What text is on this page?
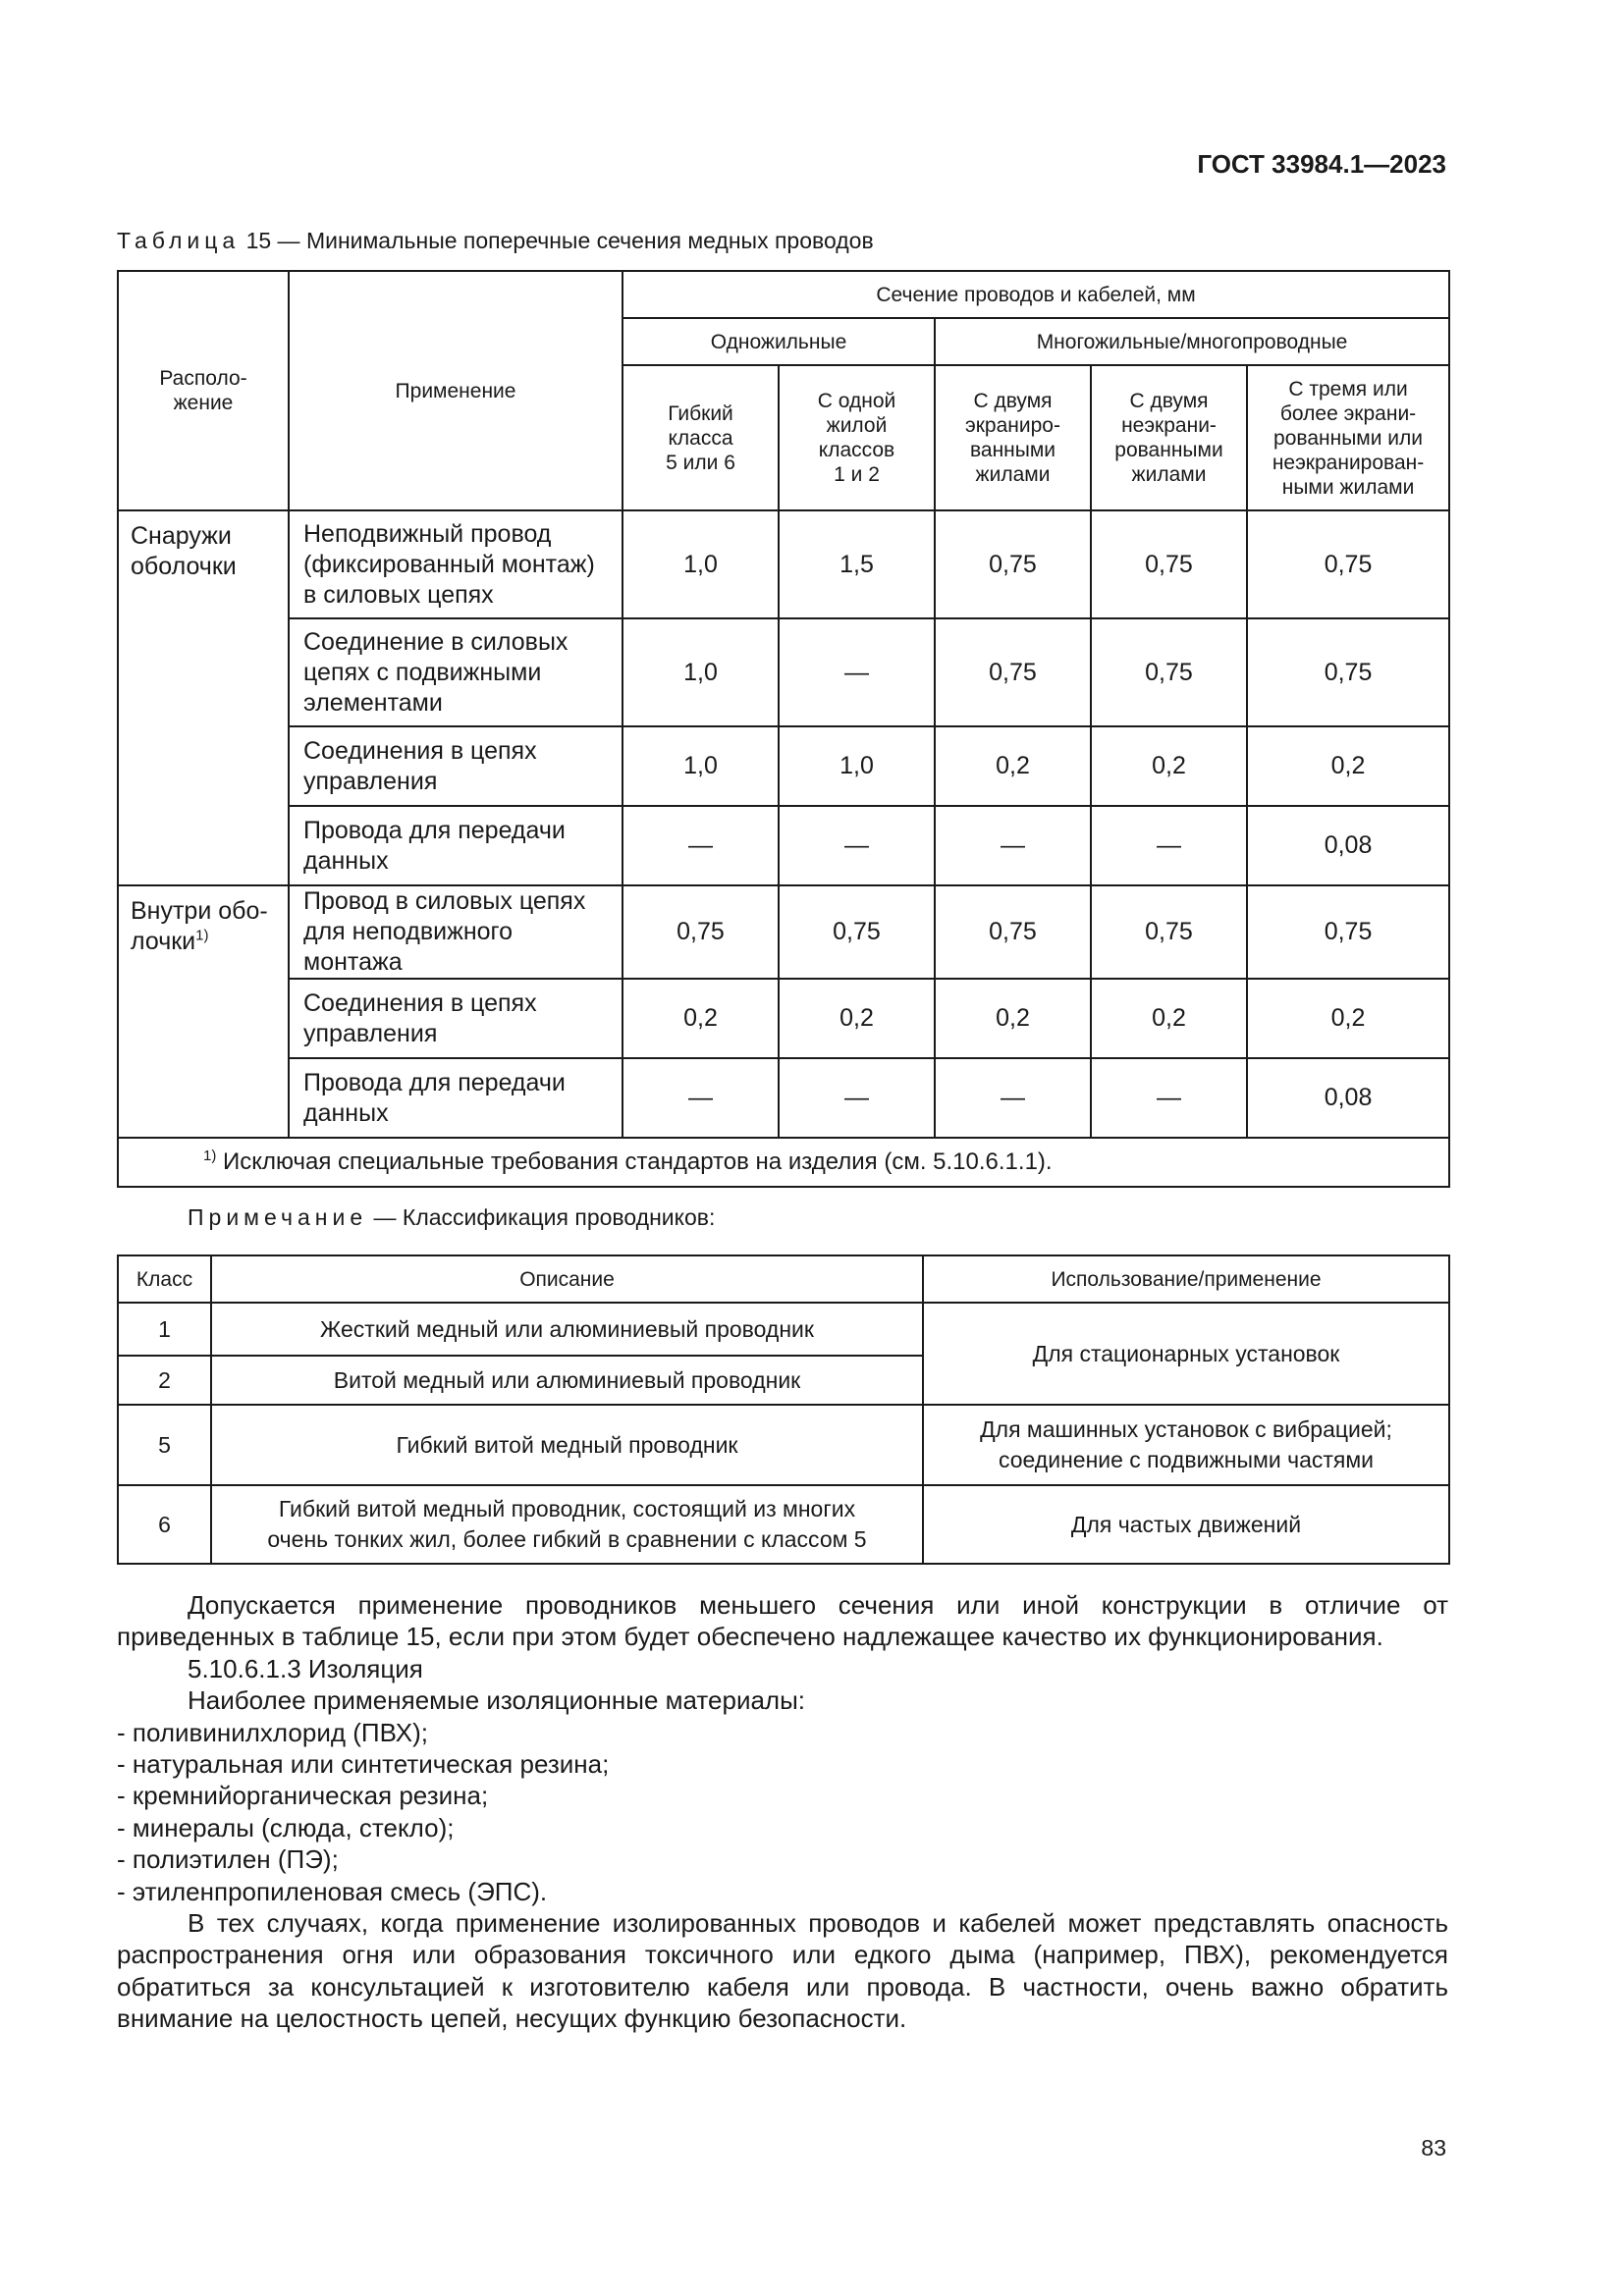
ГОСТ 33984.1—2023
Таблица 15 — Минимальные поперечные сечения медных проводов
Располо-
жение	Применение	Сечение проводов и кабелей, мм				
		Одножильные		Многожильные/многопроводные		
		Гибкий
класса
5 или 6	С одной
жилой
классов
1 и 2	С двумя
экраниро-
ванными
жилами	С двумя
неэкрани-
рованными
жилами	С тремя или
более экрани-
рованными или
неэкранирован-
ными жилами
Снаружи
оболочки	Неподвижный провод
(фиксированный монтаж)
в силовых цепях	1,0	1,5	0,75	0,75	0,75
	Соединение в силовых
цепях с подвижными
элементами	1,0	—	0,75	0,75	0,75
	Соединения в цепях
управления	1,0	1,0	0,2	0,2	0,2
	Провода для передачи
данных	—	—	—	—	0,08
Внутри обо-
лочки$^{1)}$	Провод в силовых цепях
для неподвижного монтажа	0,75	0,75	0,75	0,75	0,75
	Соединения в цепях
управления	0,2	0,2	0,2	0,2	0,2
	Провода для передачи
данных	—	—	—	—	0,08
$^{1)}$ Исключая специальные требования стандартов на изделия (см. 5.10.6.1.1).						
Примечание — Классификация проводников:
Класс	Описание	Использование/применение
1	Жесткий медный или алюминиевый проводник	Для стационарных установок
2	Витой медный или алюминиевый проводник	
5	Гибкий витой медный проводник	Для машинных установок с вибрацией;
соединение с подвижными частями
6	Гибкий витой медный проводник, состоящий из многих
очень тонких жил, более гибкий в сравнении с классом 5	Для частых движений

Допускается применение проводников меньшего сечения или иной конструкции в отличие от приведенных в таблице 15, если при этом будет обеспечено надлежащее качество их функционирования.

5.10.6.1.3 Изоляция

Наиболее применяемые изоляционные материалы:

- поливинилхлорид (ПВХ);

- натуральная или синтетическая резина;

- кремнийорганическая резина;

- минералы (слюда, стекло);

- полиэтилен (ПЭ);

- этиленпропиленовая смесь (ЭПС).

В тех случаях, когда применение изолированных проводов и кабелей может представлять опасность распространения огня или образования токсичного или едкого дыма (например, ПВХ), рекомендуется обратиться за консультацией к изготовителю кабеля или провода. В частности, очень важно обратить внимание на целостность цепей, несущих функцию безопасности.

83
